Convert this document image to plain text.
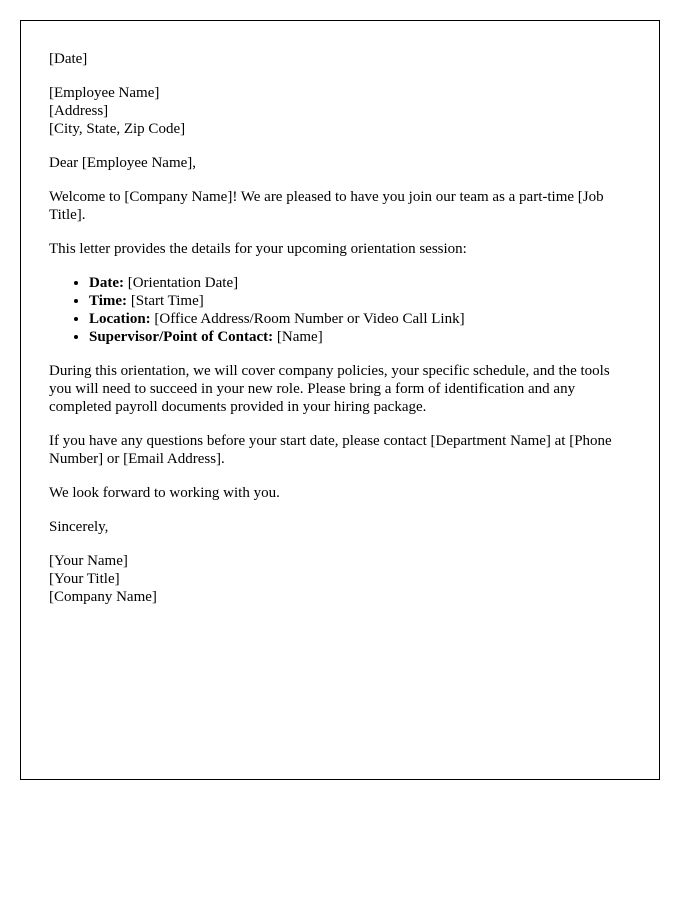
[Date]

[Employee Name]
[Address]
[City, State, Zip Code]

Dear [Employee Name],

Welcome to [Company Name]! We are pleased to have you join our team as a part-time [Job Title].

This letter provides the details for your upcoming orientation session:

• Date: [Orientation Date]
• Time: [Start Time]
• Location: [Office Address/Room Number or Video Call Link]
• Supervisor/Point of Contact: [Name]

During this orientation, we will cover company policies, your specific schedule, and the tools you will need to succeed in your new role. Please bring a form of identification and any completed payroll documents provided in your hiring package.

If you have any questions before your start date, please contact [Department Name] at [Phone Number] or [Email Address].

We look forward to working with you.

Sincerely,

[Your Name]
[Your Title]
[Company Name]
